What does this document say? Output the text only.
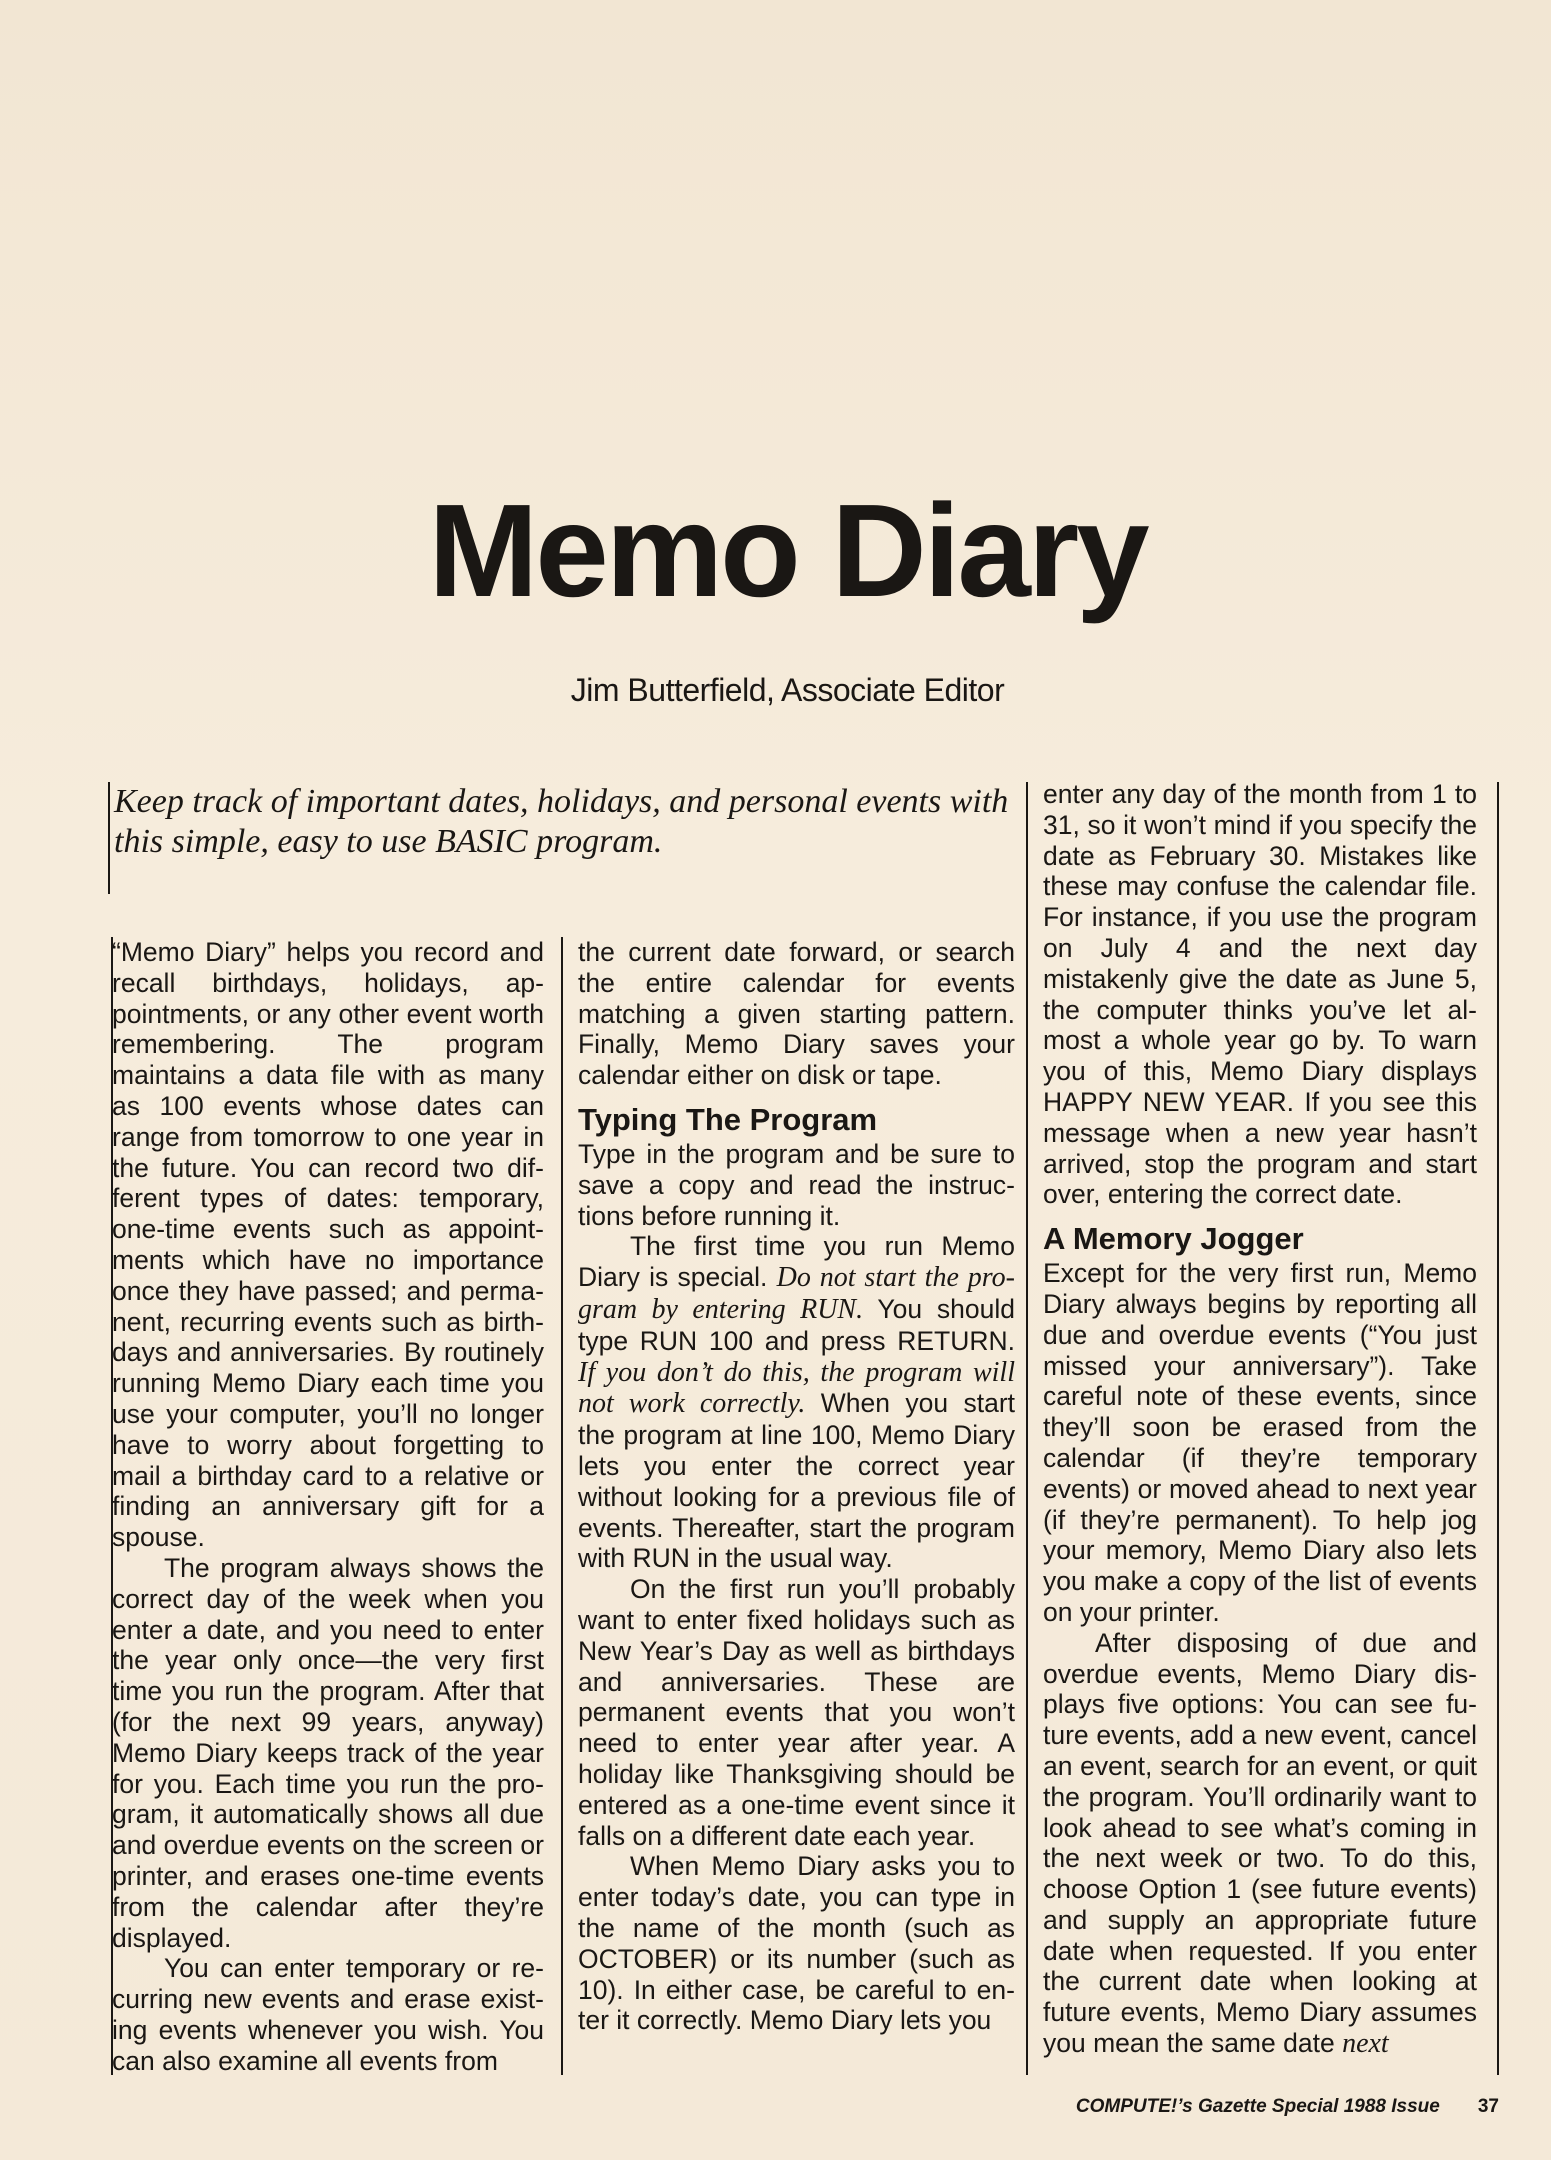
Memo Diary
Jim Butterfield, Associate Editor
Keep track of important dates, holidays, and personal events with this simple, easy to use BASIC program.

“Memo Diary” helps you record and recall birthdays, holidays, appointments, or any other event worth remembering. The program maintains a data file with as many as 100 events whose dates can range from tomorrow to one year in the future. You can record two different types of dates: temporary, one-time events such as appointments which have no importance once they have passed; and permanent, recurring events such as birthdays and anniversaries. By routinely running Memo Diary each time you use your computer, you’ll no longer have to worry about forgetting to mail a birthday card to a relative or finding an anniversary gift for a spouse.

The program always shows the correct day of the week when you enter a date, and you need to enter the year only once—the very first time you run the program. After that (for the next 99 years, anyway) Memo Diary keeps track of the year for you. Each time you run the program, it automatically shows all due and overdue events on the screen or printer, and erases one-time events from the calendar after they’re displayed.

You can enter temporary or recurring new events and erase existing events whenever you wish. You can also examine all events from

the current date forward, or search the entire calendar for events matching a given starting pattern. Finally, Memo Diary saves your calendar either on disk or tape.

Typing The Program

Type in the program and be sure to save a copy and read the instructions before running it.

The first time you run Memo Diary is special. Do not start the program by entering RUN. You should type RUN 100 and press RETURN. If you don’t do this, the program will not work correctly. When you start the program at line 100, Memo Diary lets you enter the correct year without looking for a previous file of events. Thereafter, start the program with RUN in the usual way.

On the first run you’ll probably want to enter fixed holidays such as New Year’s Day as well as birthdays and anniversaries. These are permanent events that you won’t need to enter year after year. A holiday like Thanksgiving should be entered as a one-time event since it falls on a different date each year.

When Memo Diary asks you to enter today’s date, you can type in the name of the month (such as OCTOBER) or its number (such as 10). In either case, be careful to enter it correctly. Memo Diary lets you

enter any day of the month from 1 to 31, so it won’t mind if you specify the date as February 30. Mistakes like these may confuse the calendar file. For instance, if you use the program on July 4 and the next day mistakenly give the date as June 5, the computer thinks you’ve let almost a whole year go by. To warn you of this, Memo Diary displays HAPPY NEW YEAR. If you see this message when a new year hasn’t arrived, stop the program and start over, entering the correct date.

A Memory Jogger

Except for the very first run, Memo Diary always begins by reporting all due and overdue events (“You just missed your anniversary”). Take careful note of these events, since they’ll soon be erased from the calendar (if they’re temporary events) or moved ahead to next year (if they’re permanent). To help jog your memory, Memo Diary also lets you make a copy of the list of events on your printer.

After disposing of due and overdue events, Memo Diary displays five options: You can see future events, add a new event, cancel an event, search for an event, or quit the program. You’ll ordinarily want to look ahead to see what’s coming in the next week or two. To do this, choose Option 1 (see future events) and supply an appropriate future date when requested. If you enter the current date when looking at future events, Memo Diary assumes you mean the same date next

COMPUTE!’s Gazette Special 1988 Issue 37
